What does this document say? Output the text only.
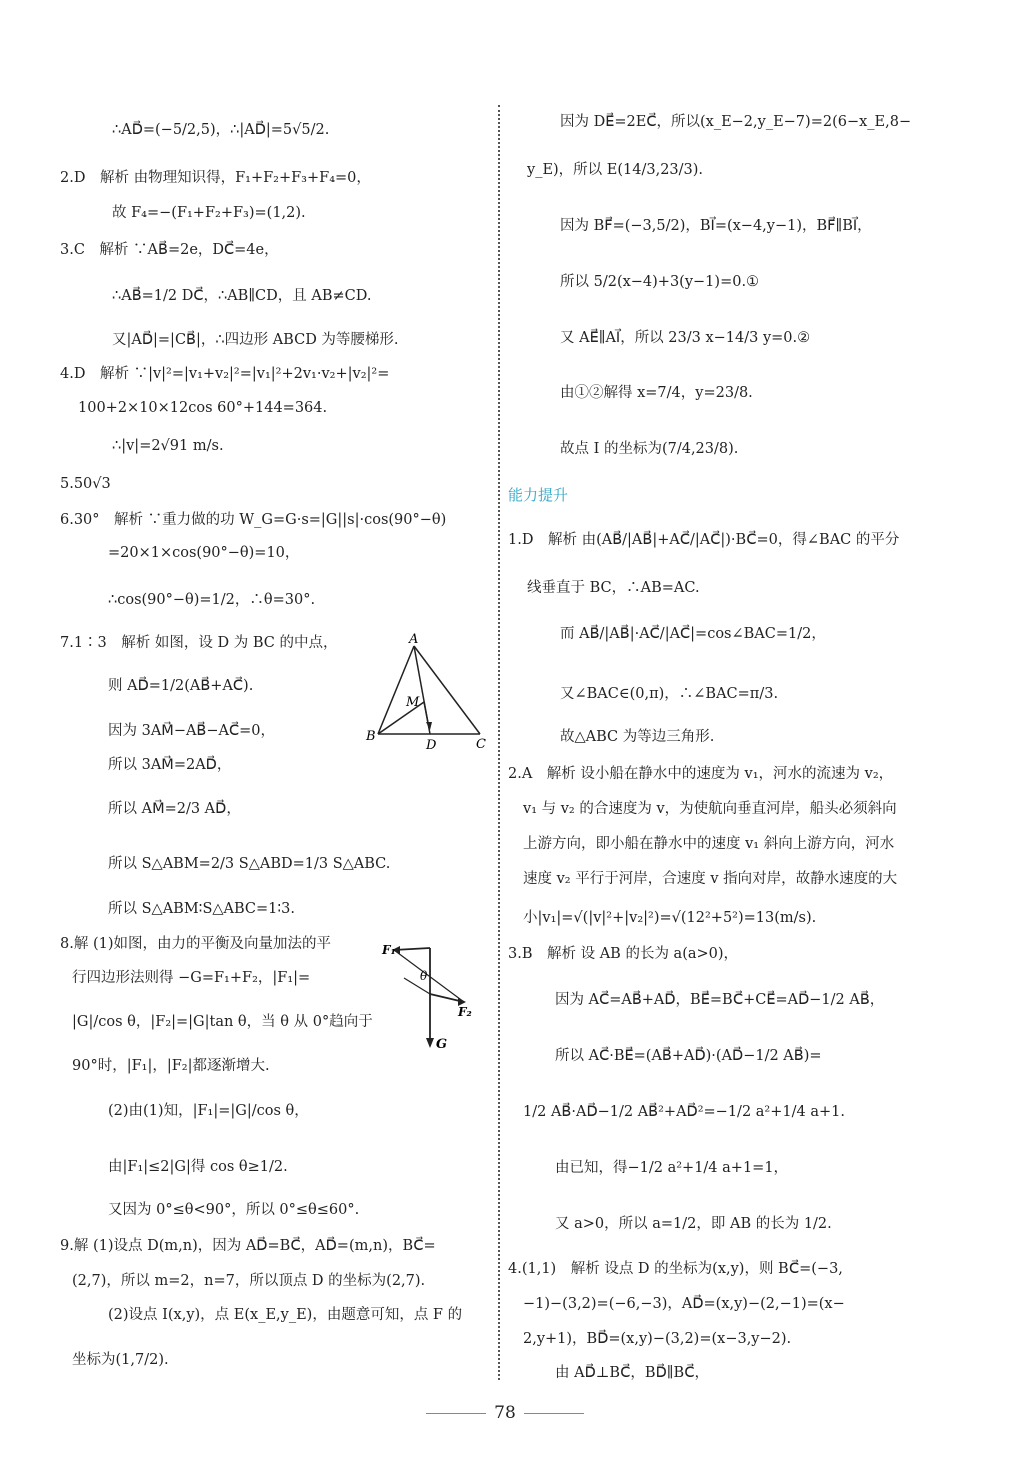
∴AD⃗=(−5/2,5)，∴|AD⃗|=5√5/2.
2.D　解析 由物理知识得，F₁+F₂+F₃+F₄=0，
故 F₄=−(F₁+F₂+F₃)=(1,2).
3.C　解析 ∵AB⃗=2e，DC⃗=4e，
∴AB⃗=1/2 DC⃗，∴AB∥CD，且 AB≠CD.
又|AD⃗|=|CB⃗|，∴四边形 ABCD 为等腰梯形.
4.D　解析 ∵|v|²=|v₁+v₂|²=|v₁|²+2v₁·v₂+|v₂|²=
100+2×10×12cos 60°+144=364.
∴|v|=2√91 m/s.
5.50√3
6.30°　解析 ∵重力做的功 W_G=G·s=|G||s|·cos(90°−θ)
=20×1×cos(90°−θ)=10，
∴cos(90°−θ)=1/2，∴θ=30°.
7.1∶3　解析 如图，设 D 为 BC 的中点，
则 AD⃗=1/2(AB⃗+AC⃗).
因为 3AM⃗−AB⃗−AC⃗=0，
所以 3AM⃗=2AD⃗，
所以 AM⃗=2/3 AD⃗，
所以 S△ABM=2/3 S△ABD=1/3 S△ABC.
所以 S△ABM∶S△ABC=1∶3.
8.解 (1)如图，由力的平衡及向量加法的平
行四边形法则得 −G=F₁+F₂，|F₁|=
|G|/cos θ，|F₂|=|G|tan θ，当 θ 从 0°趋向于
90°时，|F₁|，|F₂|都逐渐增大.
(2)由(1)知，|F₁|=|G|/cos θ，
由|F₁|≤2|G|得 cos θ≥1/2.
又因为 0°≤θ<90°，所以 0°≤θ≤60°.
9.解 (1)设点 D(m,n)，因为 AD⃗=BC⃗，AD⃗=(m,n)，BC⃗=
(2,7)，所以 m=2，n=7，所以顶点 D 的坐标为(2,7).
(2)设点 I(x,y)，点 E(x_E,y_E)，由题意可知，点 F 的
坐标为(1,7/2).
因为 DE⃗=2EC⃗，所以(x_E−2,y_E−7)=2(6−x_E,8−
y_E)，所以 E(14/3,23/3).
因为 BF⃗=(−3,5/2)，BI⃗=(x−4,y−1)，BF⃗∥BI⃗，
所以 5/2(x−4)+3(y−1)=0.①
又 AE⃗∥AI⃗，所以 23/3 x−14/3 y=0.②
由①②解得 x=7/4，y=23/8.
故点 I 的坐标为(7/4,23/8).
1.D　解析 由(AB⃗/|AB⃗|+AC⃗/|AC⃗|)·BC⃗=0，得∠BAC 的平分
线垂直于 BC，∴AB=AC.
而 AB⃗/|AB⃗|·AC⃗/|AC⃗|=cos∠BAC=1/2，
又∠BAC∈(0,π)，∴∠BAC=π/3.
故△ABC 为等边三角形.
2.A　解析 设小船在静水中的速度为 v₁，河水的流速为 v₂，
v₁ 与 v₂ 的合速度为 v，为使航向垂直河岸，船头必须斜向
上游方向，即小船在静水中的速度 v₁ 斜向上游方向，河水
速度 v₂ 平行于河岸，合速度 v 指向对岸，故静水速度的大
小|v₁|=√(|v|²+|v₂|²)=√(12²+5²)=13(m/s).
3.B　解析 设 AB 的长为 a(a>0)，
因为 AC⃗=AB⃗+AD⃗，BE⃗=BC⃗+CE⃗=AD⃗−1/2 AB⃗，
所以 AC⃗·BE⃗=(AB⃗+AD⃗)·(AD⃗−1/2 AB⃗)=
1/2 AB⃗·AD⃗−1/2 AB⃗²+AD⃗²=−1/2 a²+1/4 a+1.
由已知，得−1/2 a²+1/4 a+1=1，
又 a>0，所以 a=1/2，即 AB 的长为 1/2.
4.(1,1)　解析 设点 D 的坐标为(x,y)，则 BC⃗=(−3,
−1)−(3,2)=(−6,−3)，AD⃗=(x,y)−(2,−1)=(x−
2,y+1)，BD⃗=(x,y)−(3,2)=(x−3,y−2).
由 AD⃗⊥BC⃗，BD⃗∥BC⃗，
能力提升
A
B
C
D
M
F₁
F₂
θ
G
78
